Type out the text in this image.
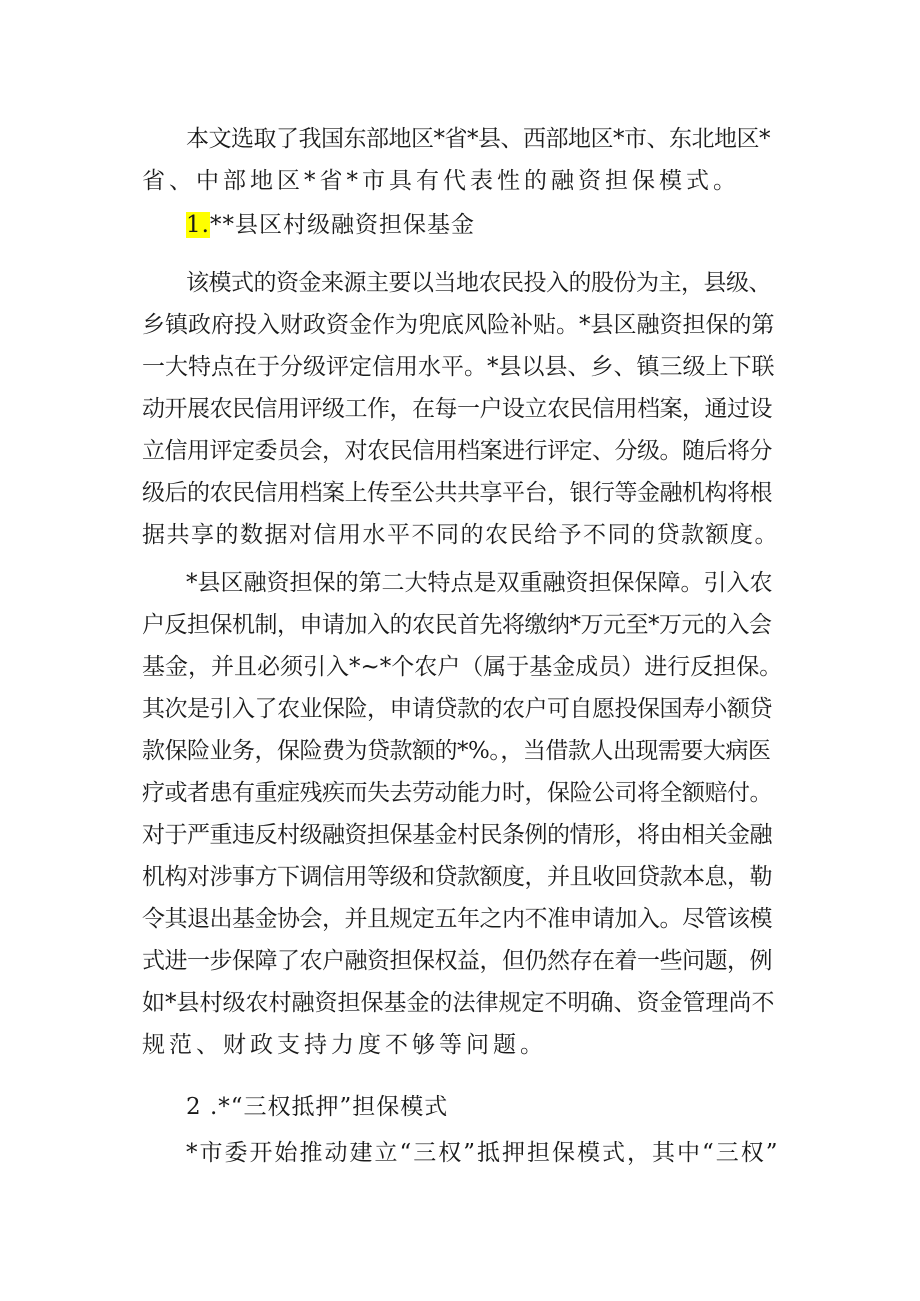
本文选取了我国东部地区*省*县、西部地区*市、东北地区*
省、中部地区*省*市具有代表性的融资担保模式。
1.**县区村级融资担保基金
该模式的资金来源主要以当地农民投入的股份为主，县级、
乡镇政府投入财政资金作为兜底风险补贴。*县区融资担保的第
一大特点在于分级评定信用水平。*县以县、乡、镇三级上下联
动开展农民信用评级工作，在每一户设立农民信用档案，通过设
立信用评定委员会，对农民信用档案进行评定、分级。随后将分
级后的农民信用档案上传至公共共享平台，银行等金融机构将根
据共享的数据对信用水平不同的农民给予不同的贷款额度。
*县区融资担保的第二大特点是双重融资担保保障。引入农
户反担保机制，申请加入的农民首先将缴纳*万元至*万元的入会
基金，并且必须引入*~*个农户（属于基金成员）进行反担保。
其次是引入了农业保险，申请贷款的农户可自愿投保国寿小额贷
款保险业务，保险费为贷款额的*%。，当借款人出现需要大病医
疗或者患有重症残疾而失去劳动能力时，保险公司将全额赔付。
对于严重违反村级融资担保基金村民条例的情形，将由相关金融
机构对涉事方下调信用等级和贷款额度，并且收回贷款本息，勒
令其退出基金协会，并且规定五年之内不准申请加入。尽管该模
式进一步保障了农户融资担保权益，但仍然存在着一些问题，例
如*县村级农村融资担保基金的法律规定不明确、资金管理尚不
规范、财政支持力度不够等问题。
2 .*“三权抵押”担保模式
*市委开始推动建立“三权”抵押担保模式，其中“三权”
